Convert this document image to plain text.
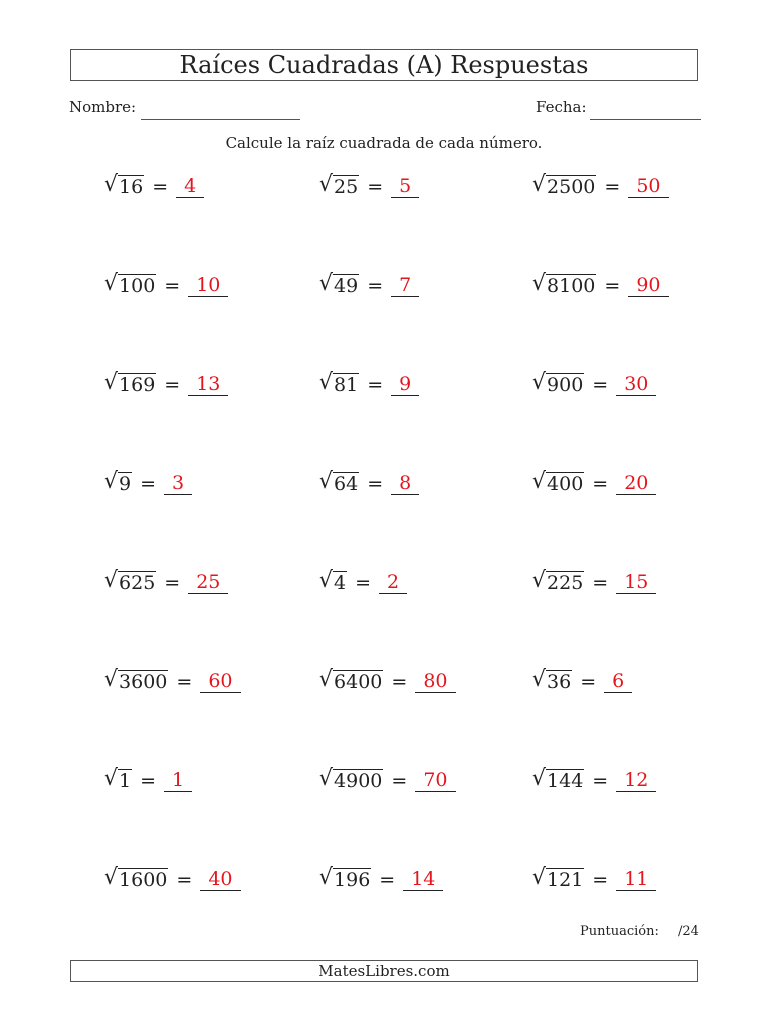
Raíces Cuadradas (A) Respuestas
Nombre:	Fecha:
Calcule la raíz cuadrada de cada número.
√ 16 = 4	√ 25 = 5	√ 2500 = 50
√ 100 = 10	√ 49 = 7	√ 8100 = 90
√ 169 = 13	√ 81 = 9	√ 900 = 30
√ 9 = 3	√ 64 = 8	√ 400 = 20
√ 625 = 25	√ 4 = 2	√ 225 = 15
√ 3600 = 60	√ 6400 = 80	√ 36 = 6
√ 1 = 1	√ 4900 = 70	√ 144 = 12
√ 1600 = 40	√ 196 = 14	√ 121 = 11
Puntuación: /24
MatesLibres.com
